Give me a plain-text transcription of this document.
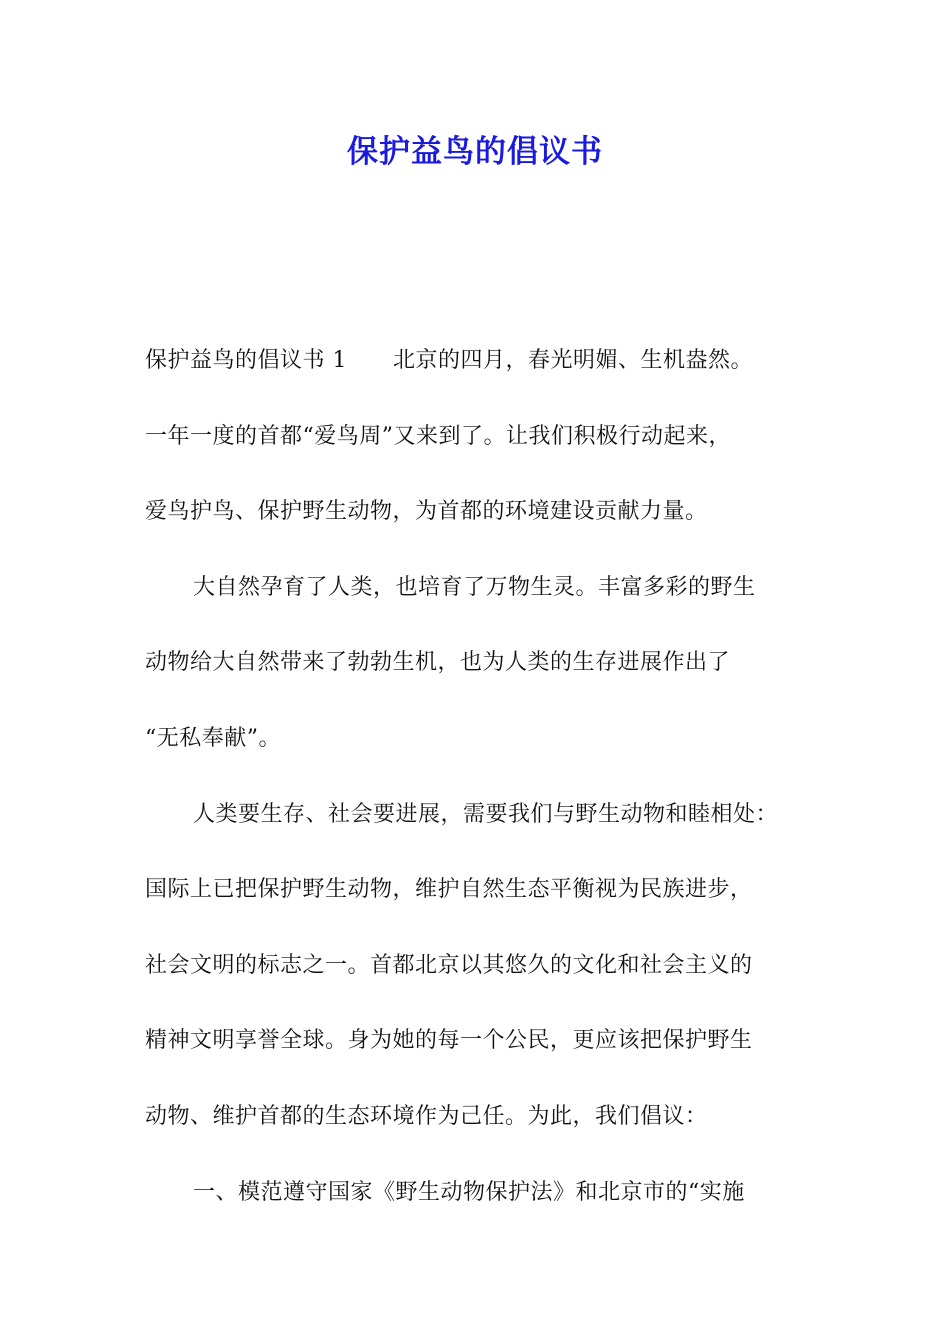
保护益鸟的倡议书
保护益鸟的倡议书 1 北京的四月，春光明媚、生机盎然。
一年一度的首都“爱鸟周”又来到了。让我们积极行动起来，
爱鸟护鸟、保护野生动物，为首都的环境建设贡献力量。
大自然孕育了人类，也培育了万物生灵。丰富多彩的野生
动物给大自然带来了勃勃生机，也为人类的生存进展作出了
“无私奉献”。
人类要生存、社会要进展，需要我们与野生动物和睦相处：
国际上已把保护野生动物，维护自然生态平衡视为民族进步，
社会文明的标志之一。首都北京以其悠久的文化和社会主义的
精神文明享誉全球。身为她的每一个公民，更应该把保护野生
动物、维护首都的生态环境作为己任。为此，我们倡议：
一、模范遵守国家《野生动物保护法》和北京市的“实施
